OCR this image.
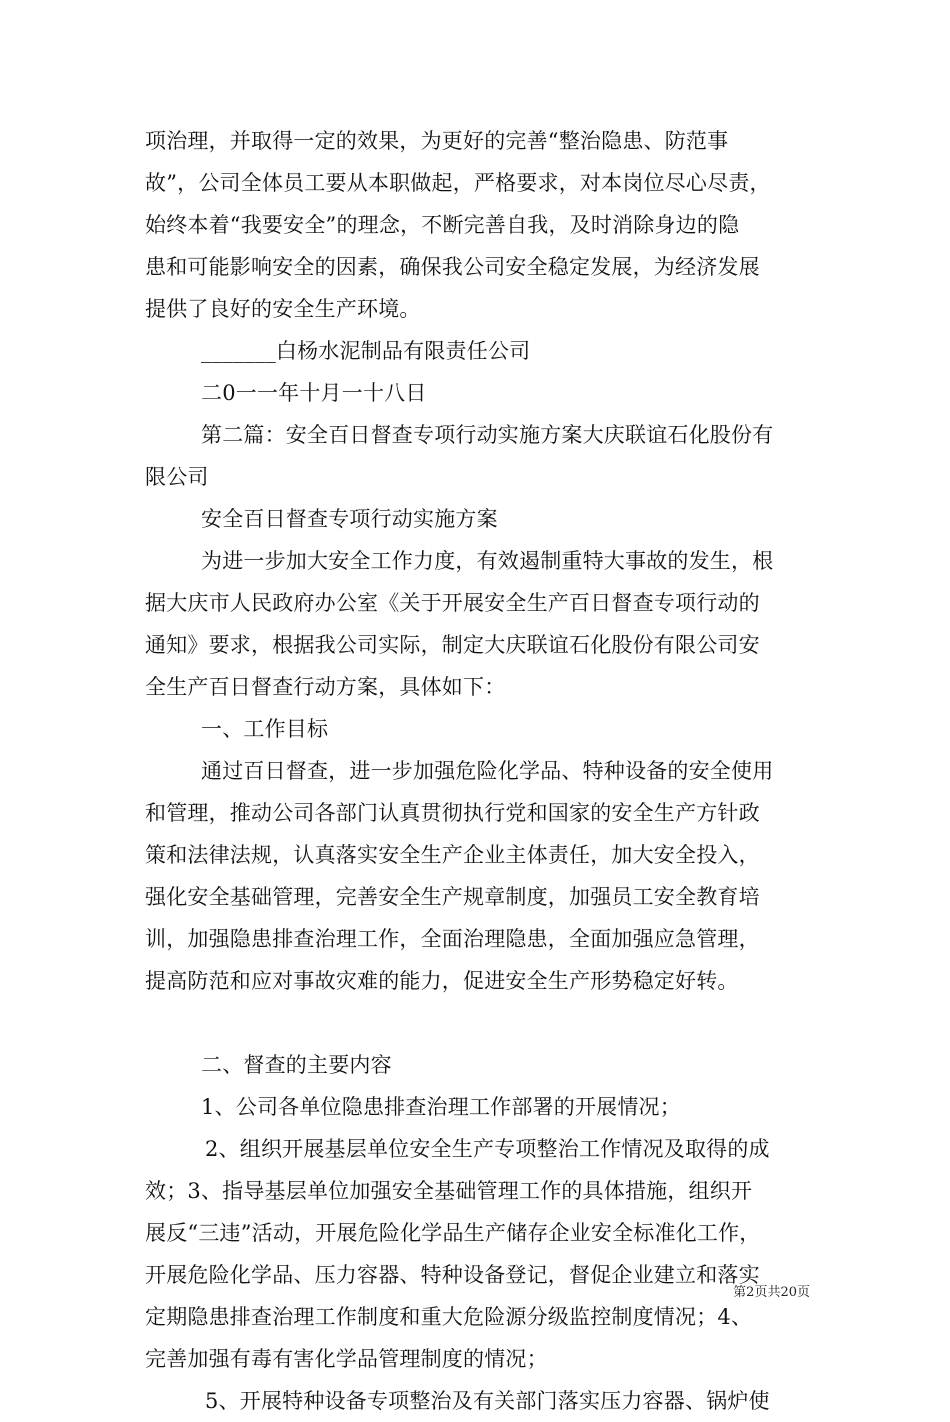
项治理，并取得一定的效果，为更好的完善“整治隐患、防范事
故”，公司全体员工要从本职做起，严格要求，对本岗位尽心尽责，
始终本着“我要安全”的理念，不断完善自我，及时消除身边的隐
患和可能影响安全的因素，确保我公司安全稳定发展，为经济发展
提供了良好的安全生产环境。
_______白杨水泥制品有限责任公司
二0一一年十月一十八日
第二篇：安全百日督查专项行动实施方案大庆联谊石化股份有
限公司
安全百日督查专项行动实施方案
为进一步加大安全工作力度，有效遏制重特大事故的发生，根
据大庆市人民政府办公室《关于开展安全生产百日督查专项行动的
通知》要求，根据我公司实际，制定大庆联谊石化股份有限公司安
全生产百日督查行动方案，具体如下：
一、工作目标
通过百日督查，进一步加强危险化学品、特种设备的安全使用
和管理，推动公司各部门认真贯彻执行党和国家的安全生产方针政
策和法律法规，认真落实安全生产企业主体责任，加大安全投入，
强化安全基础管理，完善安全生产规章制度，加强员工安全教育培
训，加强隐患排查治理工作，全面治理隐患，全面加强应急管理，
提高防范和应对事故灾难的能力，促进安全生产形势稳定好转。
二、督查的主要内容
1、公司各单位隐患排查治理工作部署的开展情况；
2、组织开展基层单位安全生产专项整治工作情况及取得的成
效；3、指导基层单位加强安全基础管理工作的具体措施，组织开
展反“三违”活动，开展危险化学品生产储存企业安全标准化工作，
开展危险化学品、压力容器、特种设备登记，督促企业建立和落实
定期隐患排查治理工作制度和重大危险源分级监控制度情况；4、
完善加强有毒有害化学品管理制度的情况；
5、开展特种设备专项整治及有关部门落实压力容器、锅炉使
第2页共20页
